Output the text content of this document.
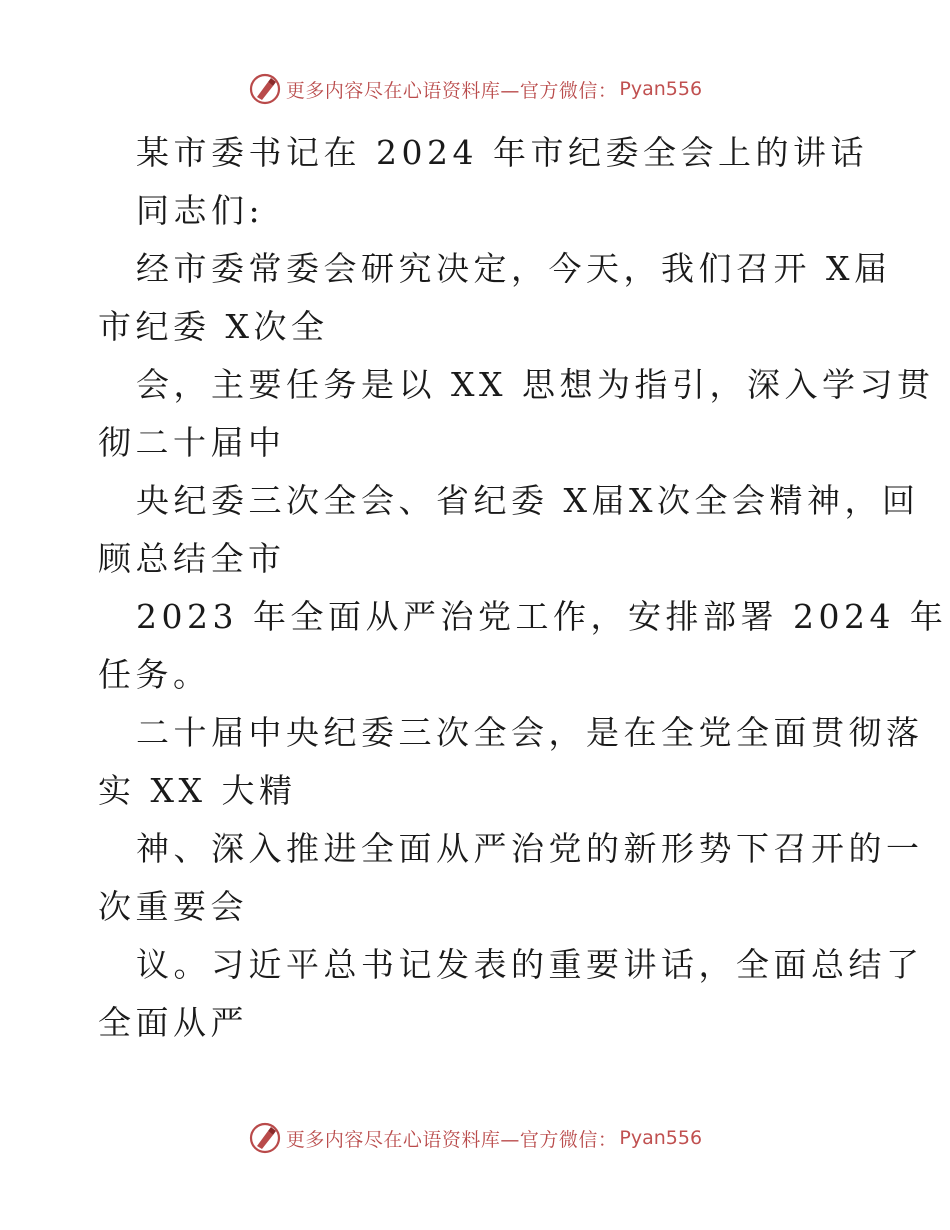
更多内容尽在心语资料库—官方微信： Pyan556
某市委书记在 2024 年市纪委全会上的讲话
同志们:
经市委常委会研究决定，今天，我们召开 X届
市纪委 X次全
会，主要任务是以 XX 思想为指引，深入学习贯
彻二十届中
央纪委三次全会、省纪委 X届X次全会精神，回
顾总结全市
2023 年全面从严治党工作，安排部署 2024 年
任务。
二十届中央纪委三次全会，是在全党全面贯彻落
实 XX 大精
神、深入推进全面从严治党的新形势下召开的一
次重要会
议。习近平总书记发表的重要讲话，全面总结了
全面从严
更多内容尽在心语资料库—官方微信： Pyan556
